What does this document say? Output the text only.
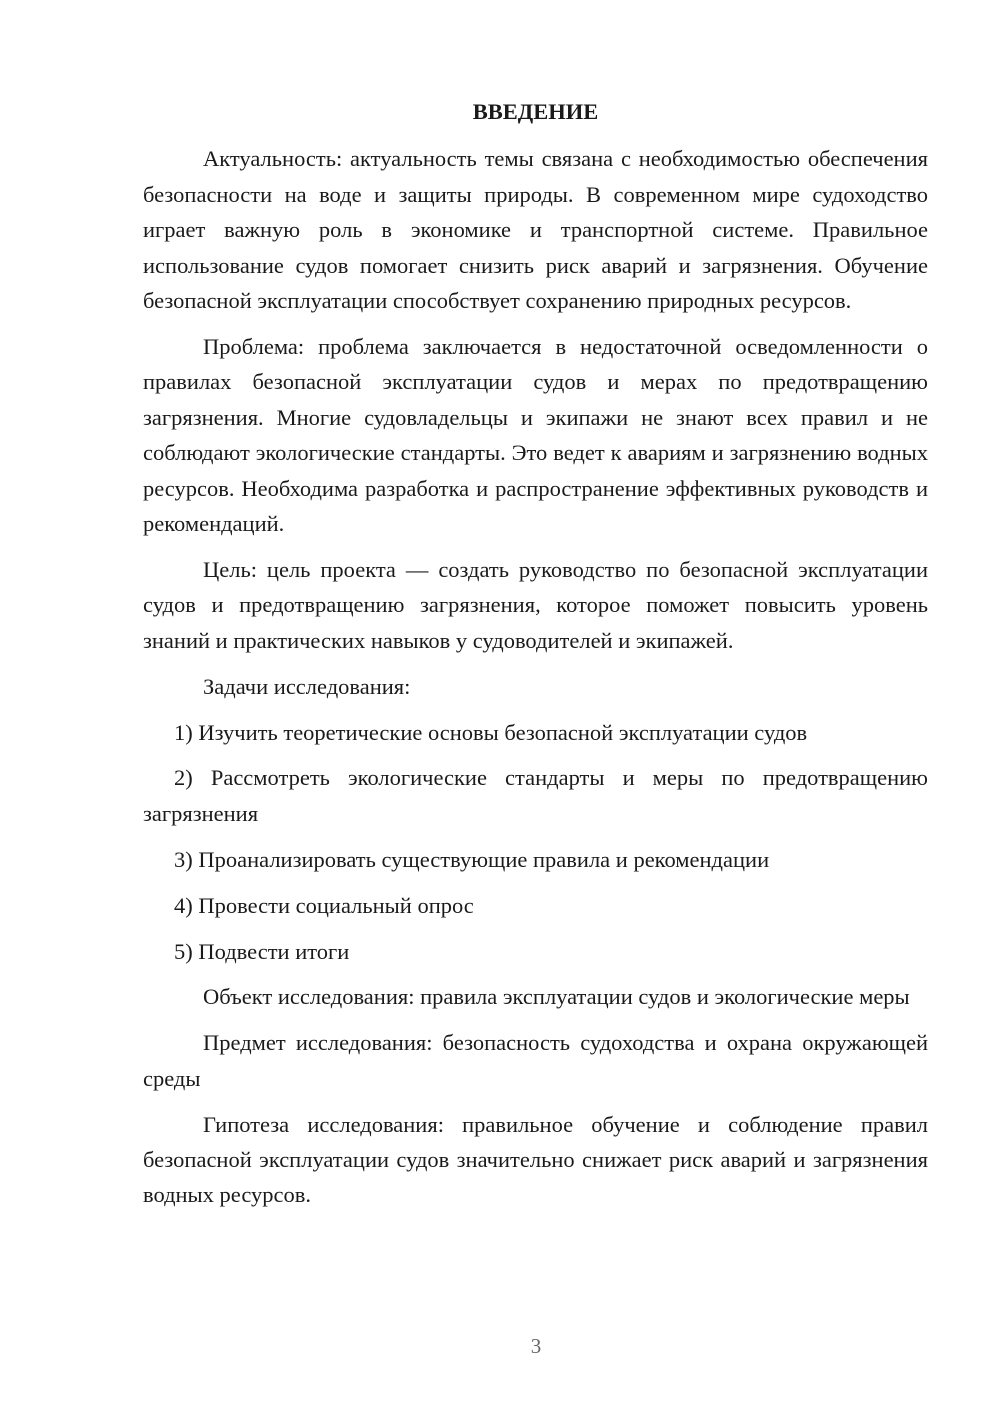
ВВЕДЕНИЕ
Актуальность: актуальность темы связана с необходимостью обеспечения безопасности на воде и защиты природы. В современном мире судоходство играет важную роль в экономике и транспортной системе. Правильное использование судов помогает снизить риск аварий и загрязнения. Обучение безопасной эксплуатации способствует сохранению природных ресурсов.
Проблема: проблема заключается в недостаточной осведомленности о правилах безопасной эксплуатации судов и мерах по предотвращению загрязнения. Многие судовладельцы и экипажи не знают всех правил и не соблюдают экологические стандарты. Это ведет к авариям и загрязнению водных ресурсов. Необходима разработка и распространение эффективных руководств и рекомендаций.
Цель: цель проекта — создать руководство по безопасной эксплуатации судов и предотвращению загрязнения, которое поможет повысить уровень знаний и практических навыков у судоводителей и экипажей.
Задачи исследования:
1) Изучить теоретические основы безопасной эксплуатации судов
2) Рассмотреть экологические стандарты и меры по предотвращению загрязнения
3) Проанализировать существующие правила и рекомендации
4) Провести социальный опрос
5) Подвести итоги
Объект исследования: правила эксплуатации судов и экологические меры
Предмет исследования: безопасность судоходства и охрана окружающей среды
Гипотеза исследования: правильное обучение и соблюдение правил безопасной эксплуатации судов значительно снижает риск аварий и загрязнения водных ресурсов.
3
